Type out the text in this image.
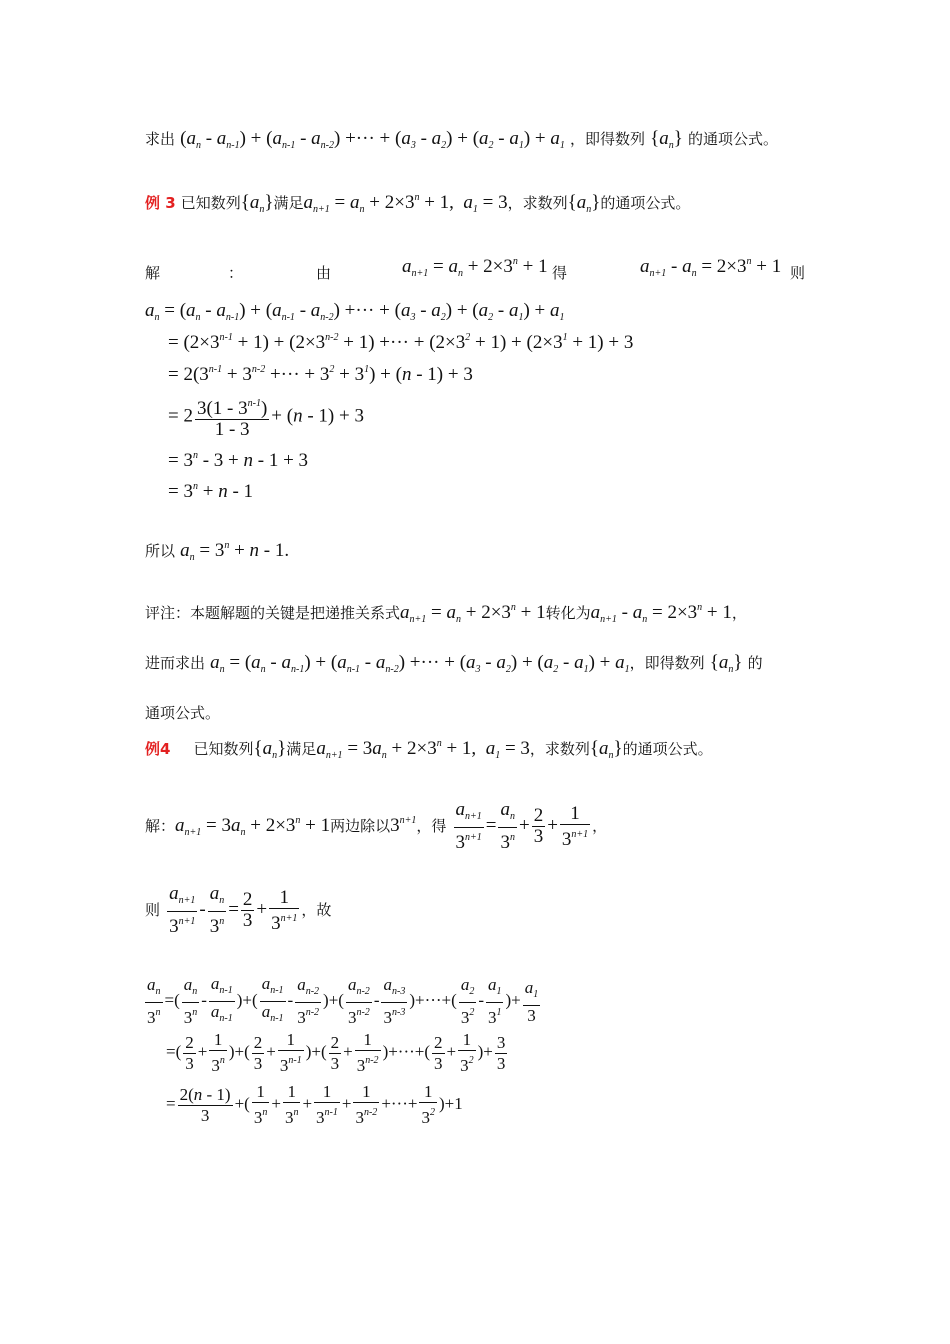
求出 $(a_n - a_{n-1}) + (a_{n-1} - a_{n-2})$ +··· + $(a_3 - a_2) + (a_2 - a_1) + a_1$ ，即得数列 $\{a_n\}$ 的通项公式。
例 3 已知数列$\{a_n\}$满足$a_{n+1} = a_n + 2\times 3^n + 1$,  $a_1 = 3$，求数列$\{a_n\}$的通项公式。
解	：	由	$a_{n+1} = a_n + 2\times 3^n + 1$ 得	$a_{n+1} - a_n = 2\times 3^n + 1$ 则
$a_n = (a_n - a_{n-1}) + (a_{n-1} - a_{n-2})$ +··· + $(a_3 - a_2) + (a_2 - a_1) + a_1$
= $(2\times 3^{n-1} + 1) + (2\times 3^{n-2} + 1)$ +··· + $(2\times 3^2 + 1) + (2\times 3^1 + 1) + 3$
= $2(3^{n-1} + 3^{n-2}$ +··· + $3^2 + 3^1) + (n - 1) + 3$
= $2 \frac{3(1 - 3^{n-1})}{1 - 3} + (n - 1) + 3$
= $3^n - 3 + n - 1 + 3$
= $3^n + n - 1$
所以 $a_n = 3^n + n - 1$.
评注：本题解题的关键是把递推关系式$a_{n+1} = a_n + 2\times 3^n + 1$转化为$a_{n+1} - a_n = 2\times 3^n + 1$，
进而求出 $a_n = (a_n - a_{n-1}) + (a_{n-1} - a_{n-2})$ +··· + $(a_3 - a_2) + (a_2 - a_1) + a_1$，即得数列 $\{a_n\}$ 的
通项公式。
例4 已知数列$\{a_n\}$满足$a_{n+1} = 3a_n + 2\times 3^n + 1$,  $a_1 = 3$，求数列$\{a_n\}$的通项公式。
解：$a_{n+1} = 3a_n + 2\times 3^n + 1$两边除以$3^{n+1}$，得 $\frac{a_{n+1}}{3^{n+1}} = \frac{a_n}{3^n} + \frac{2}{3} + \frac{1}{3^{n+1}}$ ，
则 $\frac{a_{n+1}}{3^{n+1}} - \frac{a_n}{3^n} = \frac{2}{3} + \frac{1}{3^{n+1}}$ ，故
$\frac{a_n}{3^n}$ =( $\frac{a_n}{3^n} - \frac{a_{n-1}}{a_{n-1}}$ )+( $\frac{a_{n-1}}{a_{n-1}} - \frac{a_{n-2}}{3^{n-2}}$ )+( $\frac{a_{n-2}}{3^{n-2}} - \frac{a_{n-3}}{3^{n-3}}$ )+···+( $\frac{a_2}{3^2} - \frac{a_1}{3^1}$ )+ $\frac{a_1}{3}$
=( $\frac{2}{3} + \frac{1}{3^n}$ )+( $\frac{2}{3} + \frac{1}{3^{n-1}}$ )+( $\frac{2}{3} + \frac{1}{3^{n-2}}$ )+···+( $\frac{2}{3} + \frac{1}{3^2}$ )+ $\frac{3}{3}$
= $\frac{2(n - 1)}{3}$ +( $\frac{1}{3^n} + \frac{1}{3^n} + \frac{1}{3^{n-1}} + \frac{1}{3^{n-2}}$ +···+ $\frac{1}{3^2} )+1$
